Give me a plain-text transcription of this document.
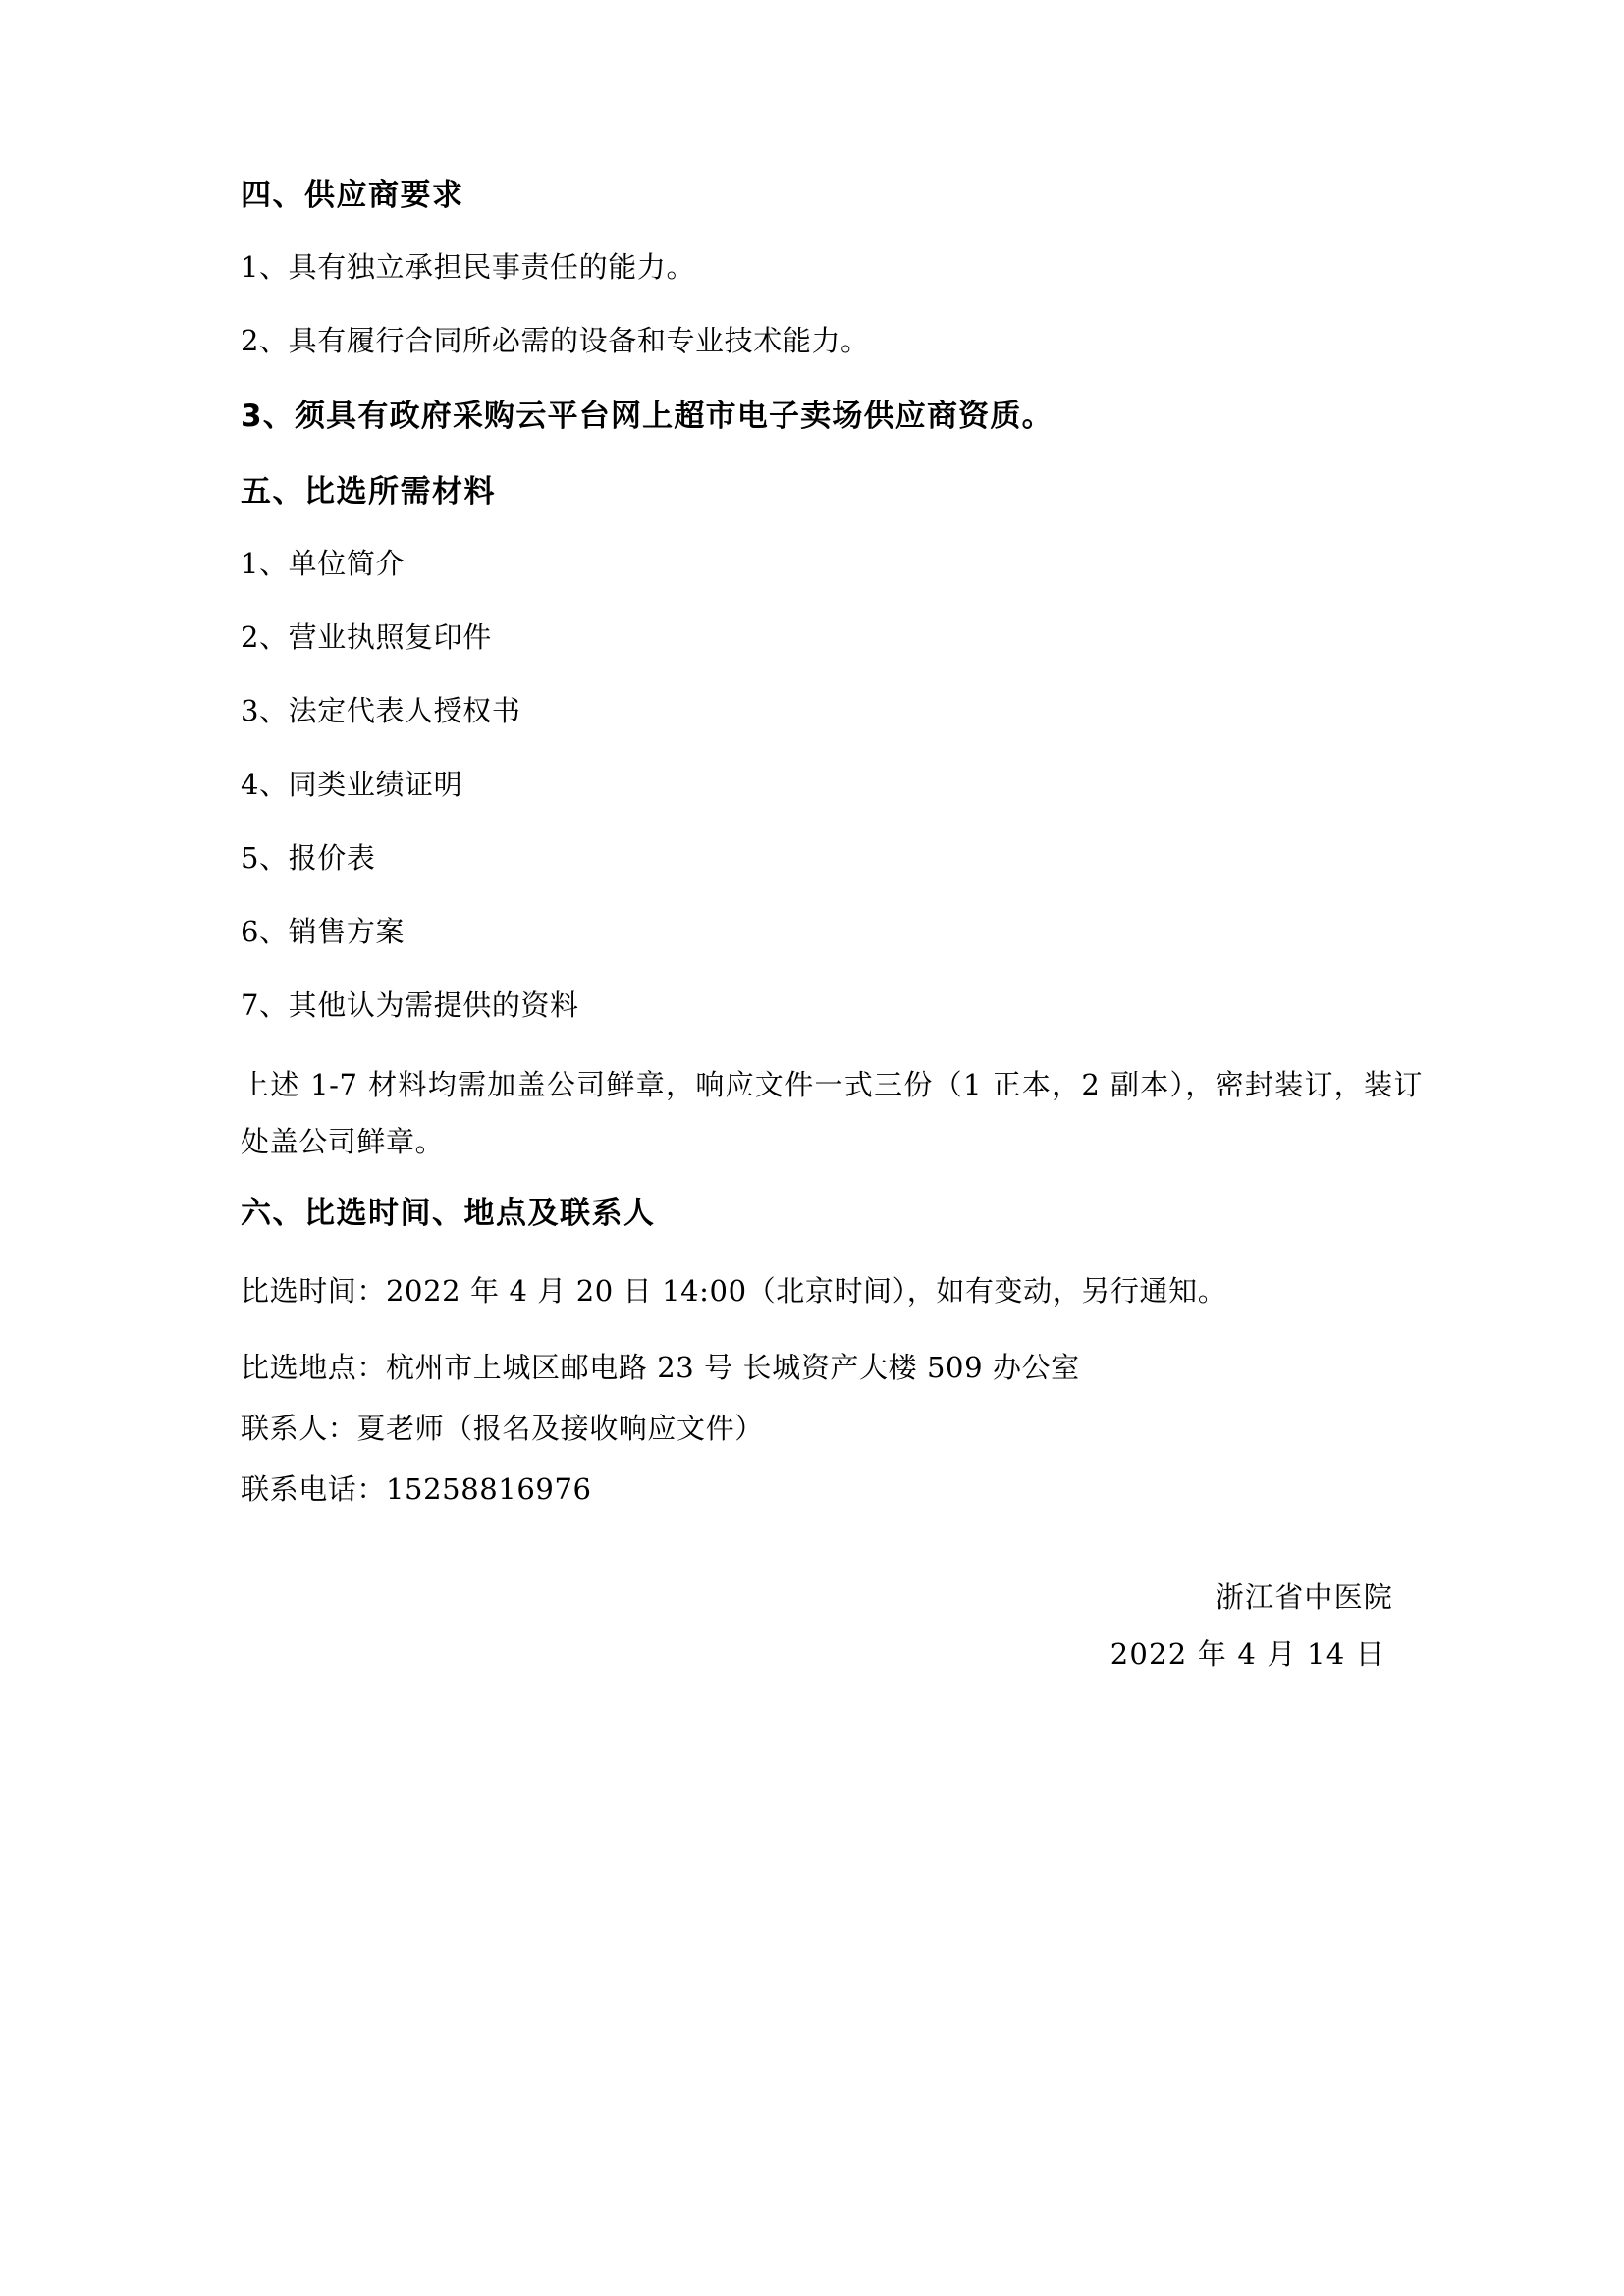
四、供应商要求

1、具有独立承担民事责任的能力。

2、具有履行合同所必需的设备和专业技术能力。

3、须具有政府采购云平台网上超市电子卖场供应商资质。

五、比选所需材料

1、单位简介

2、营业执照复印件

3、法定代表人授权书

4、同类业绩证明

5、报价表

6、销售方案

7、其他认为需提供的资料

上述 1-7 材料均需加盖公司鲜章，响应文件一式三份（1 正本，2 副本），密封装订，装订处盖公司鲜章。

六、比选时间、地点及联系人

比选时间：2022 年 4 月 20 日 14:00（北京时间），如有变动，另行通知。

比选地点：杭州市上城区邮电路 23 号 长城资产大楼 509 办公室

联系人：夏老师（报名及接收响应文件）

联系电话：15258816976

浙江省中医院
2022 年 4 月 14 日
